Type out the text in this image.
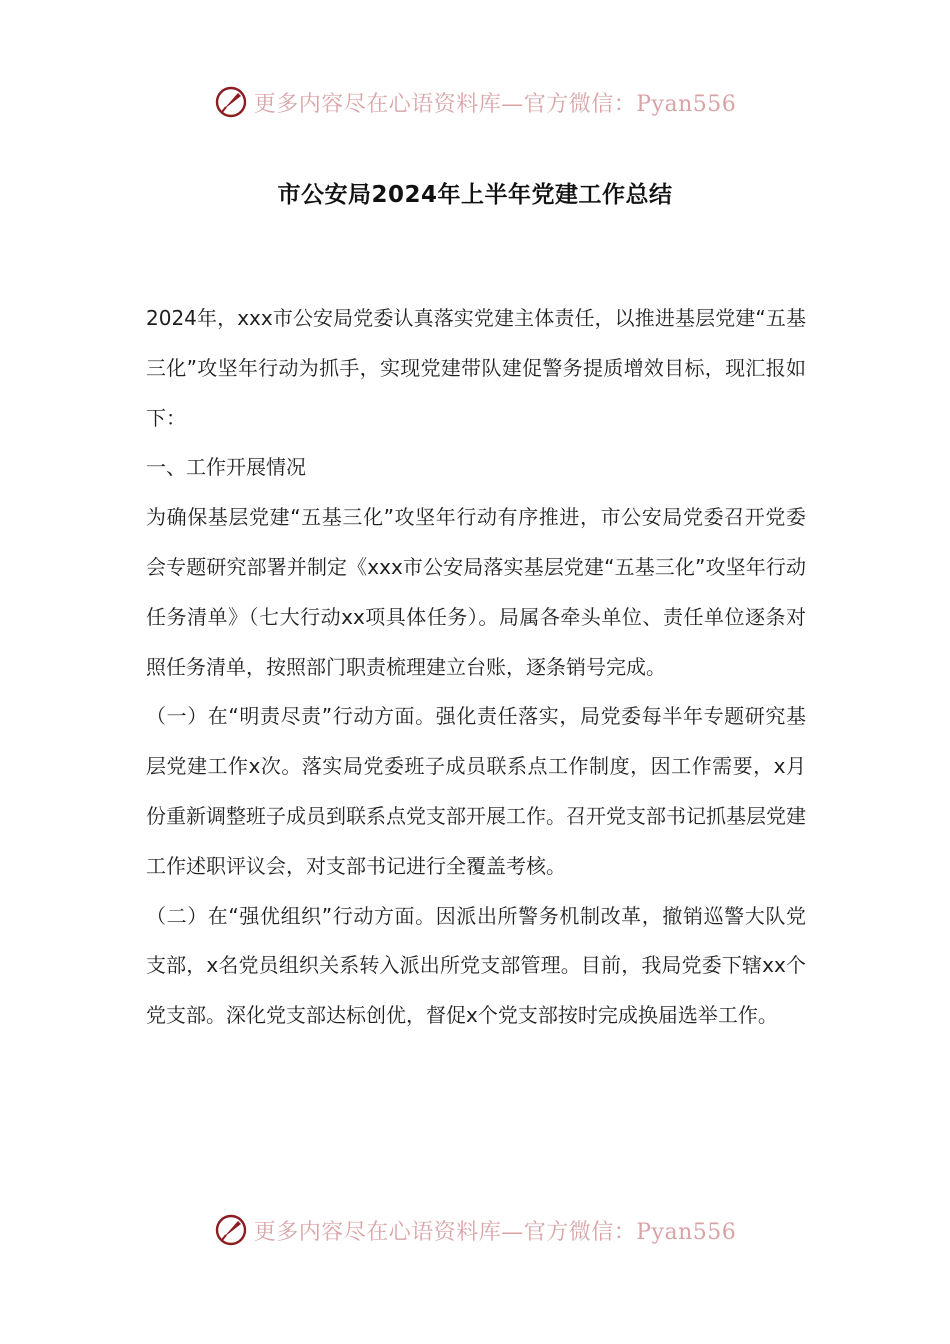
更多内容尽在心语资料库—官方微信：Pyan556
市公安局2024年上半年党建工作总结

2024年，xxx市公安局党委认真落实党建主体责任，以推进基层党建“五基三化”攻坚年行动为抓手，实现党建带队建促警务提质增效目标，现汇报如下：

一、工作开展情况

为确保基层党建“五基三化”攻坚年行动有序推进，市公安局党委召开党委会专题研究部署并制定《xxx市公安局落实基层党建“五基三化”攻坚年行动任务清单》（七大行动xx项具体任务）。局属各牵头单位、责任单位逐条对照任务清单，按照部门职责梳理建立台账，逐条销号完成。

（一）在“明责尽责”行动方面。强化责任落实，局党委每半年专题研究基层党建工作x次。落实局党委班子成员联系点工作制度，因工作需要，x月份重新调整班子成员到联系点党支部开展工作。召开党支部书记抓基层党建工作述职评议会，对支部书记进行全覆盖考核。

（二）在“强优组织”行动方面。因派出所警务机制改革，撤销巡警大队党支部，x名党员组织关系转入派出所党支部管理。目前，我局党委下辖xx个党支部。深化党支部达标创优，督促x个党支部按时完成换届选举工作。

更多内容尽在心语资料库—官方微信：Pyan556
